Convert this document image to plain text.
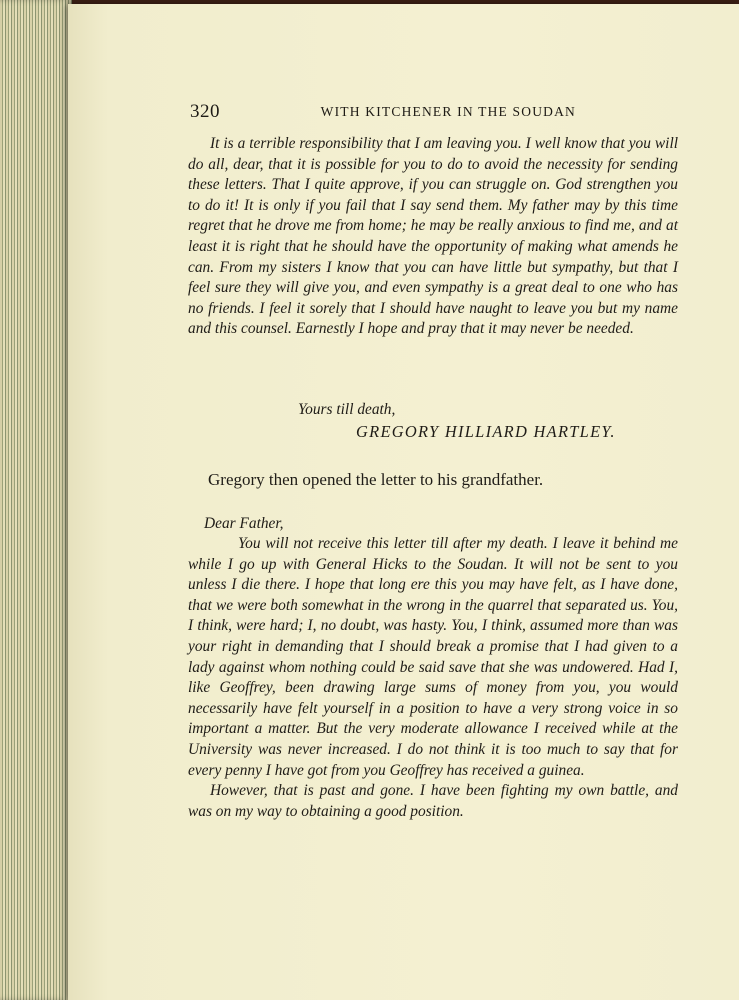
320	WITH KITCHENER IN THE SOUDAN

It is a terrible responsibility that I am leaving you. I well know that you will do all, dear, that it is possible for you to do to avoid the necessity for sending these letters. That I quite approve, if you can struggle on. God strengthen you to do it! It is only if you fail that I say send them. My father may by this time regret that he drove me from home; he may be really anxious to find me, and at least it is right that he should have the opportunity of making what amends he can. From my sisters I know that you can have little but sympathy, but that I feel sure they will give you, and even sympathy is a great deal to one who has no friends. I feel it sorely that I should have naught to leave you but my name and this counsel. Earnestly I hope and pray that it may never be needed.

Yours till death,
GREGORY HILLIARD HARTLEY.
Gregory then opened the letter to his grandfather.
Dear Father,

You will not receive this letter till after my death. I leave it behind me while I go up with General Hicks to the Soudan. It will not be sent to you unless I die there. I hope that long ere this you may have felt, as I have done, that we were both somewhat in the wrong in the quarrel that separated us. You, I think, were hard; I, no doubt, was hasty. You, I think, assumed more than was your right in demanding that I should break a promise that I had given to a lady against whom nothing could be said save that she was undowered. Had I, like Geoffrey, been drawing large sums of money from you, you would necessarily have felt yourself in a position to have a very strong voice in so important a matter. But the very moderate allowance I received while at the University was never increased. I do not think it is too much to say that for every penny I have got from you Geoffrey has received a guinea.

However, that is past and gone. I have been fighting my own battle, and was on my way to obtaining a good position.
